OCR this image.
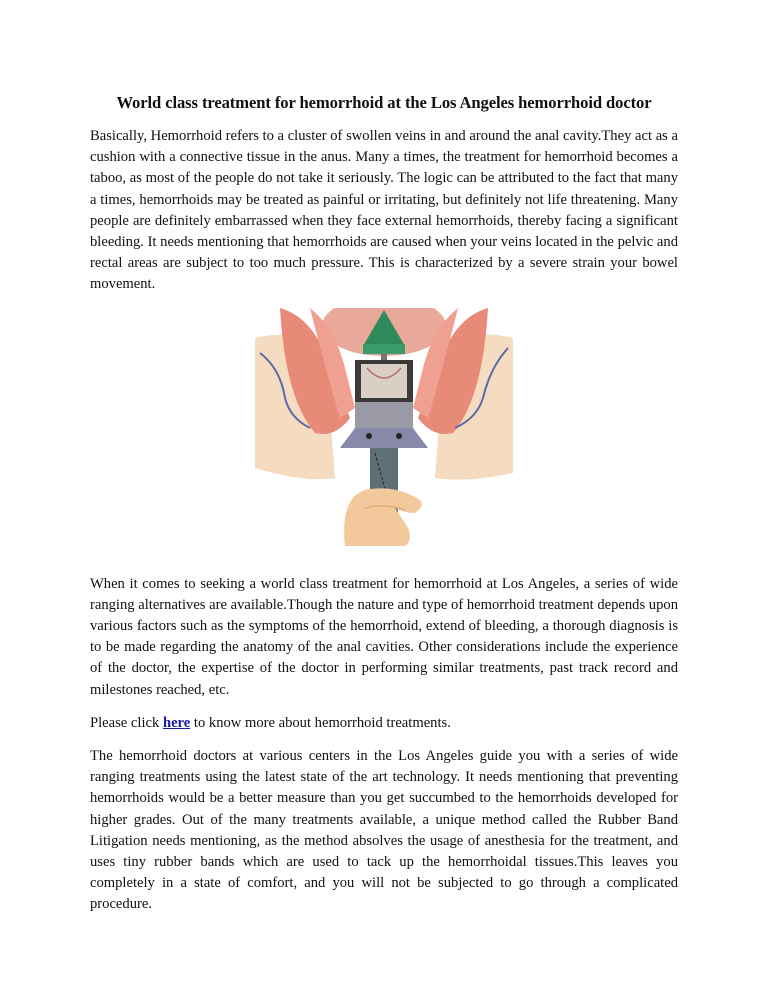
World class treatment for hemorrhoid at the Los Angeles hemorrhoid doctor

Basically, Hemorrhoid refers to a cluster of swollen veins in and around the anal cavity.They act as a cushion with a connective tissue in the anus. Many a times, the treatment for hemorrhoid becomes a taboo, as most of the people do not take it seriously. The logic can be attributed to the fact that many a times, hemorrhoids may be treated as painful or irritating, but definitely not life threatening. Many people are definitely embarrassed when they face external hemorrhoids, thereby facing a significant bleeding. It needs mentioning that hemorrhoids are caused when your veins located in the pelvic and rectal areas are subject to too much pressure. This is characterized by a severe strain your bowel movement.

When it comes to seeking a world class treatment for hemorrhoid at Los Angeles, a series of wide ranging alternatives are available.Though the nature and type of hemorrhoid treatment depends upon various factors such as the symptoms of the hemorrhoid, extend of bleeding, a thorough diagnosis is to be made regarding the anatomy of the anal cavities. Other considerations include the experience of the doctor, the expertise of the doctor in performing similar treatments, past track record and milestones reached, etc.

Please click here to know more about hemorrhoid treatments.

The hemorrhoid doctors at various centers in the Los Angeles guide you with a series of wide ranging treatments using the latest state of the art technology. It needs mentioning that preventing hemorrhoids would be a better measure than you get succumbed to the hemorrhoids developed for higher grades. Out of the many treatments available, a unique method called the Rubber Band Litigation needs mentioning, as the method absolves the usage of anesthesia for the treatment, and uses tiny rubber bands which are used to tack up the hemorrhoidal tissues.This leaves you completely in a state of comfort, and you will not be subjected to go through a complicated procedure.
